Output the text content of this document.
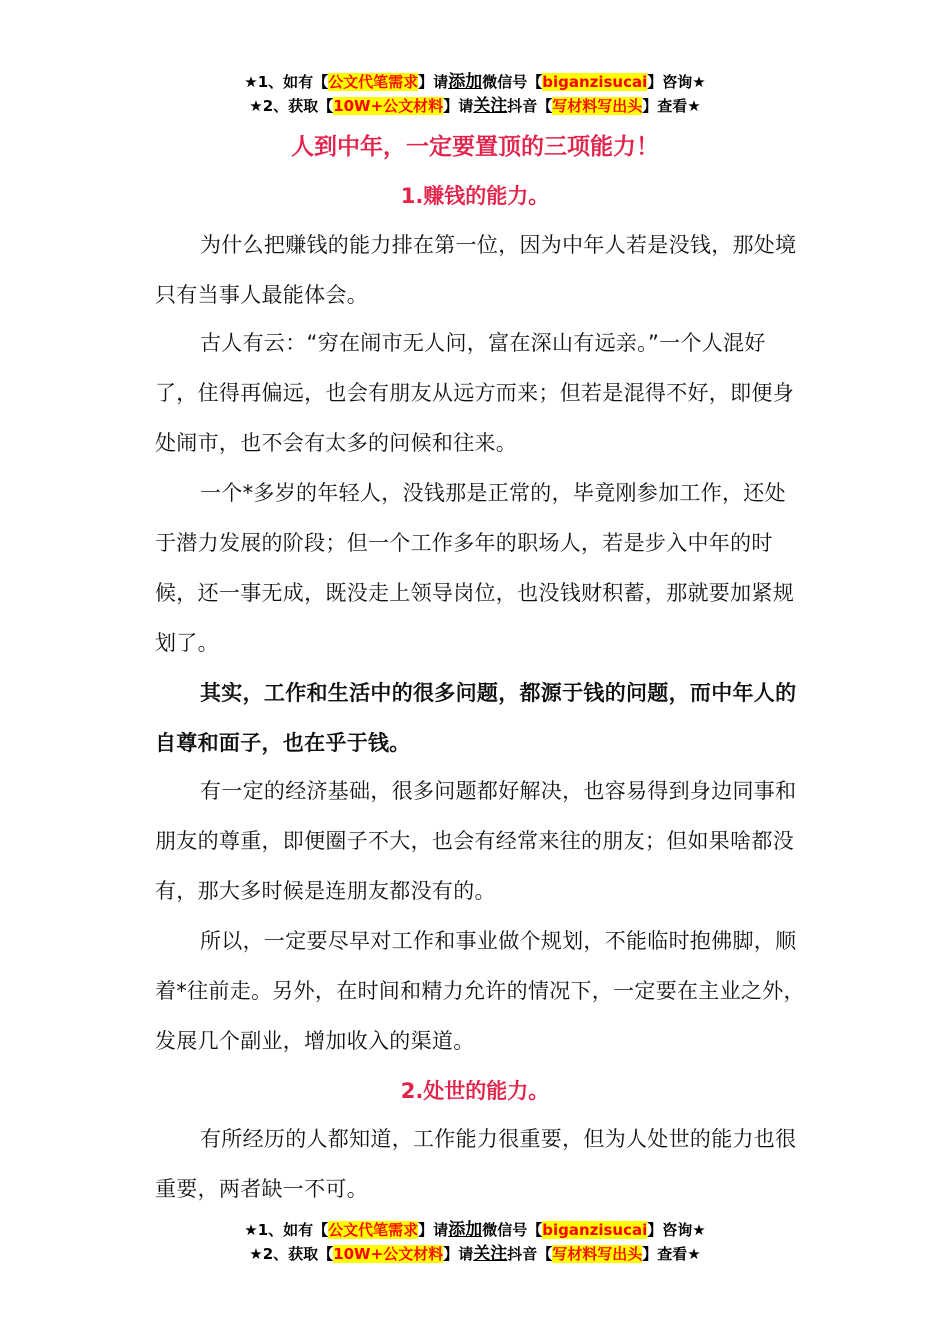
★1、如有【公文代笔需求】请添加微信号【biganzisucai】咨询★
★2、获取【10W+公文材料】请关注抖音【写材料写出头】查看★
人到中年，一定要置顶的三项能力！
1.赚钱的能力。
为什么把赚钱的能力排在第一位，因为中年人若是没钱，那处境只有当事人最能体会。
古人有云：“穷在闹市无人问，富在深山有远亲。”一个人混好了，住得再偏远，也会有朋友从远方而来；但若是混得不好，即便身处闹市，也不会有太多的问候和往来。
一个*多岁的年轻人，没钱那是正常的，毕竟刚参加工作，还处于潜力发展的阶段；但一个工作多年的职场人，若是步入中年的时候，还一事无成，既没走上领导岗位，也没钱财积蓄，那就要加紧规划了。
其实，工作和生活中的很多问题，都源于钱的问题，而中年人的自尊和面子，也在乎于钱。
有一定的经济基础，很多问题都好解决，也容易得到身边同事和朋友的尊重，即便圈子不大，也会有经常来往的朋友；但如果啥都没有，那大多时候是连朋友都没有的。
所以，一定要尽早对工作和事业做个规划，不能临时抱佛脚，顺着*往前走。另外，在时间和精力允许的情况下，一定要在主业之外，发展几个副业，增加收入的渠道。
2.处世的能力。
有所经历的人都知道，工作能力很重要，但为人处世的能力也很重要，两者缺一不可。
★1、如有【公文代笔需求】请添加微信号【biganzisucai】咨询★
★2、获取【10W+公文材料】请关注抖音【写材料写出头】查看★
